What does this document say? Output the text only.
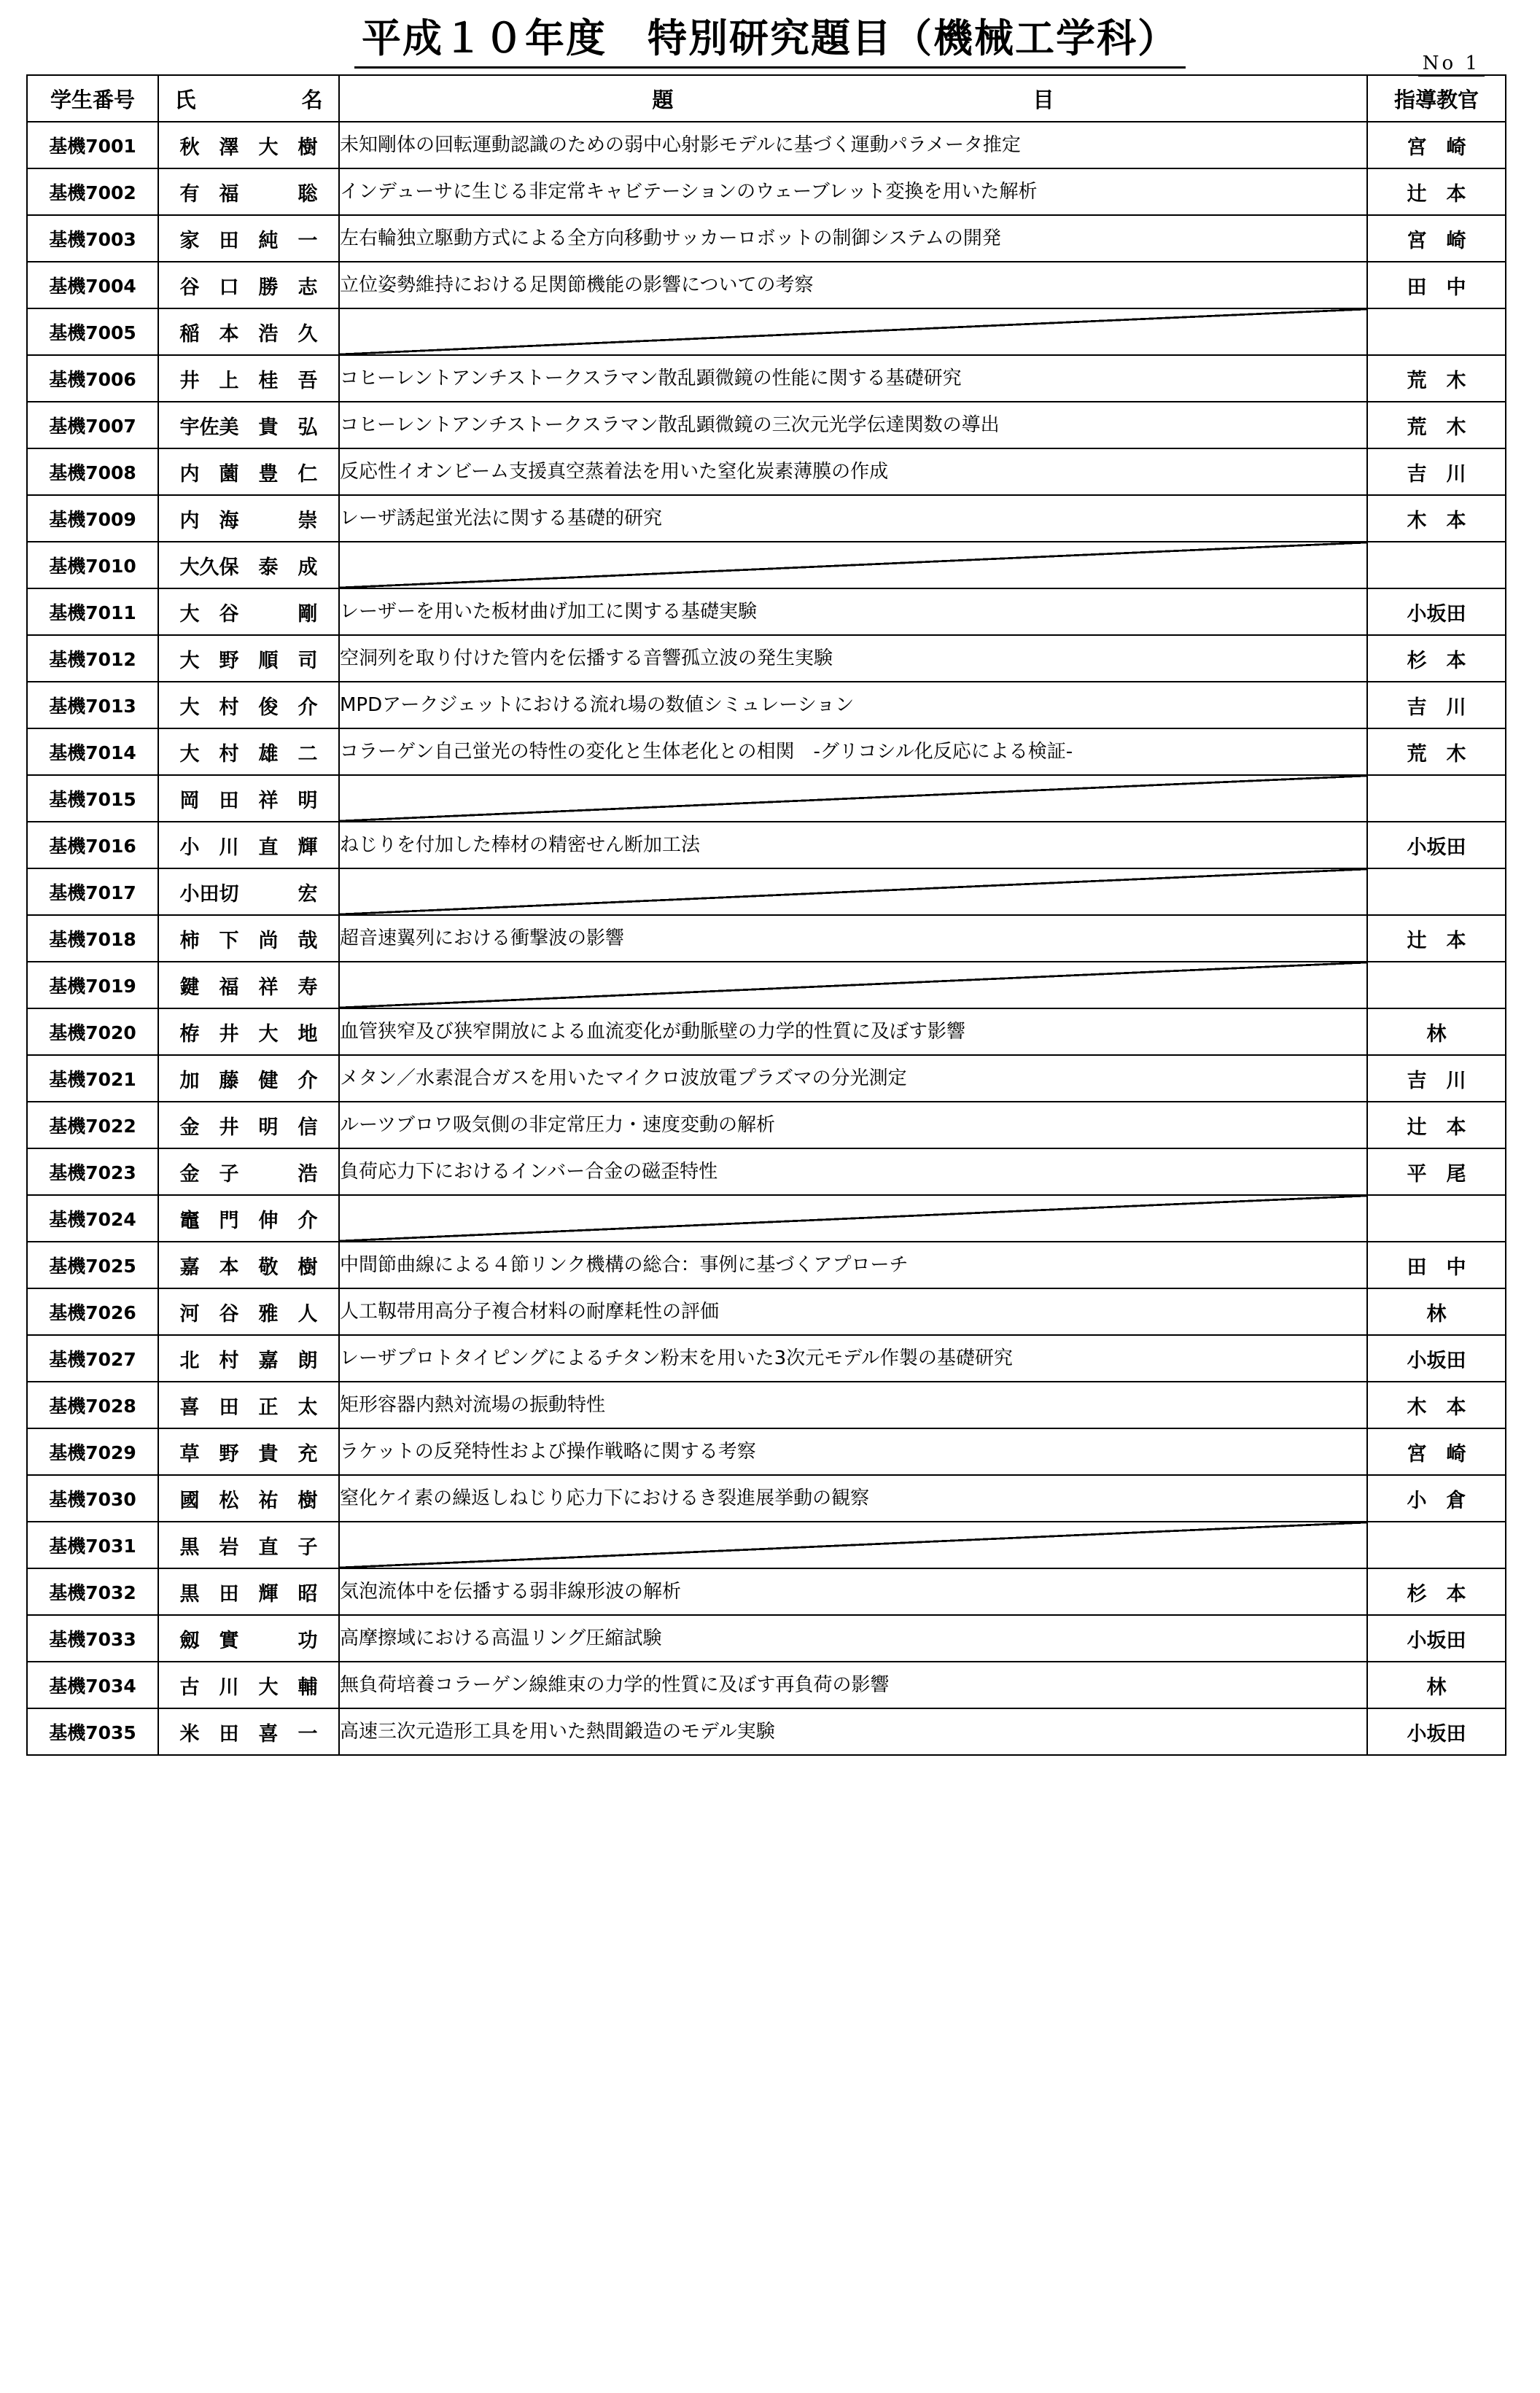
平成１０年度　特別研究題目（機械工学科）
No 1
学生番号	氏　　　　　名	題　　　　　　　　　　　　　　　　　目	指導教官
基機7001	秋　澤　大　樹	未知剛体の回転運動認識のための弱中心射影モデルに基づく運動パラメータ推定	宮　崎

基機7002	有　福　　　聡	インデューサに生じる非定常キャビテーションのウェーブレット変換を用いた解析	辻　本

基機7003	家　田　純　一	左右輪独立駆動方式による全方向移動サッカーロボットの制御システムの開発	宮　崎

基機7004	谷　口　勝　志	立位姿勢維持における足関節機能の影響についての考察	田　中

基機7005	稲　本　浩　久		

基機7006	井　上　桂　吾	コヒーレントアンチストークスラマン散乱顕微鏡の性能に関する基礎研究	荒　木

基機7007	宇佐美　貴　弘	コヒーレントアンチストークスラマン散乱顕微鏡の三次元光学伝達関数の導出	荒　木

基機7008	内　薗　豊　仁	反応性イオンビーム支援真空蒸着法を用いた窒化炭素薄膜の作成	吉　川

基機7009	内　海　　　崇	レーザ誘起蛍光法に関する基礎的研究	木　本

基機7010	大久保　泰　成		

基機7011	大　谷　　　剛	レーザーを用いた板材曲げ加工に関する基礎実験	小坂田

基機7012	大　野　順　司	空洞列を取り付けた管内を伝播する音響孤立波の発生実験	杉　本

基機7013	大　村　俊　介	MPDアークジェットにおける流れ場の数値シミュレーション	吉　川

基機7014	大　村　雄　二	コラーゲン自己蛍光の特性の変化と生体老化との相関　-グリコシル化反応による検証-	荒　木

基機7015	岡　田　祥　明		

基機7016	小　川　直　輝	ねじりを付加した棒材の精密せん断加工法	小坂田

基機7017	小田切　　　宏		

基機7018	柿　下　尚　哉	超音速翼列における衝撃波の影響	辻　本

基機7019	鍵　福　祥　寿		

基機7020	栫　井　大　地	血管狭窄及び狭窄開放による血流変化が動脈壁の力学的性質に及ぼす影響	林

基機7021	加　藤　健　介	メタン／水素混合ガスを用いたマイクロ波放電プラズマの分光測定	吉　川

基機7022	金　井　明　信	ルーツブロワ吸気側の非定常圧力・速度変動の解析	辻　本

基機7023	金　子　　　浩	負荷応力下におけるインバー合金の磁歪特性	平　尾

基機7024	竈　門　伸　介		

基機7025	嘉　本　敬　樹	中間節曲線による４節リンク機構の総合：事例に基づくアプローチ	田　中

基機7026	河　谷　雅　人	人工靱帯用高分子複合材料の耐摩耗性の評価	林

基機7027	北　村　嘉　朗	レーザプロトタイピングによるチタン粉末を用いた3次元モデル作製の基礎研究	小坂田

基機7028	喜　田　正　太	矩形容器内熱対流場の振動特性	木　本

基機7029	草　野　貴　充	ラケットの反発特性および操作戦略に関する考察	宮　崎

基機7030	國　松　祐　樹	窒化ケイ素の繰返しねじり応力下におけるき裂進展挙動の観察	小　倉

基機7031	黒　岩　直　子		

基機7032	黒　田　輝　昭	気泡流体中を伝播する弱非線形波の解析	杉　本

基機7033	劔　實　　　功	高摩擦域における高温リング圧縮試験	小坂田

基機7034	古　川　大　輔	無負荷培養コラーゲン線維束の力学的性質に及ぼす再負荷の影響	林

基機7035	米　田　喜　一	高速三次元造形工具を用いた熱間鍛造のモデル実験	小坂田
